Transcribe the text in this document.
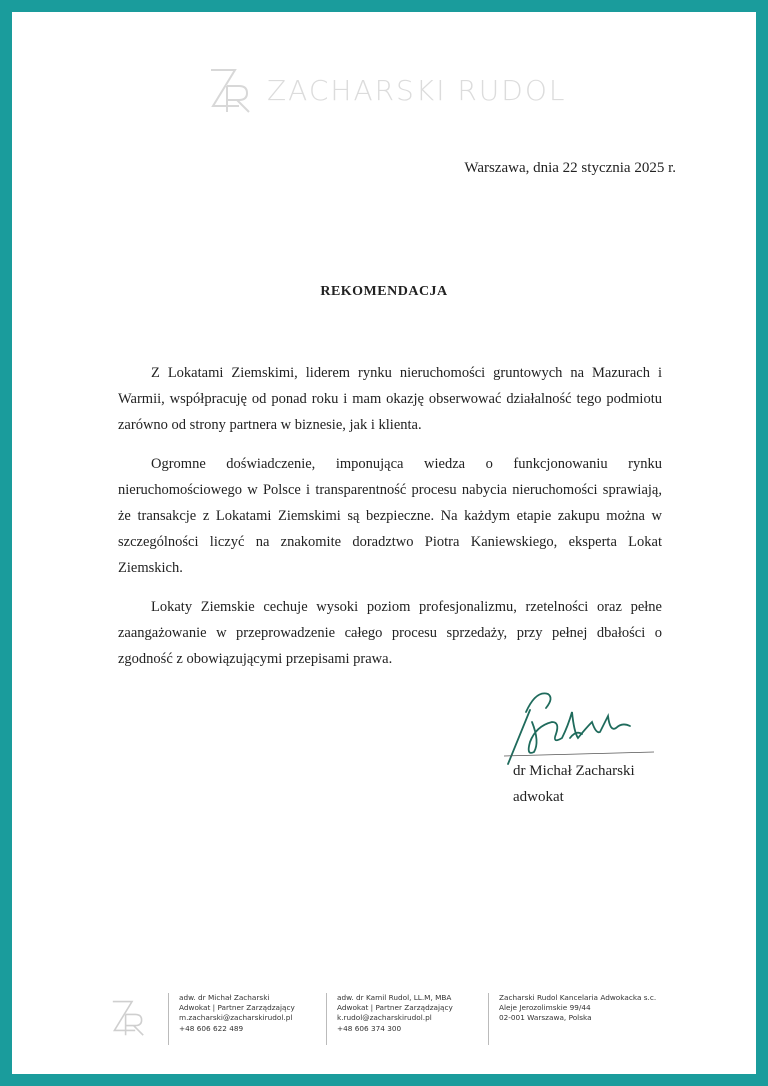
ZACHARSKI RUDOL
Warszawa, dnia 22 stycznia 2025 r.
REKOMENDACJA

Z Lokatami Ziemskimi, liderem rynku nieruchomości gruntowych na Mazurach i Warmii, współpracuję od ponad roku i mam okazję obserwować działalność tego podmiotu zarówno od strony partnera w biznesie, jak i klienta.

Ogromne doświadczenie, imponująca wiedza o funkcjonowaniu rynku nieruchomościowego w Polsce i transparentność procesu nabycia nieruchomości sprawiają, że transakcje z Lokatami Ziemskimi są bezpieczne. Na każdym etapie zakupu można w szczególności liczyć na znakomite doradztwo Piotra Kaniewskiego, eksperta Lokat Ziemskich.

Lokaty Ziemskie cechuje wysoki poziom profesjonalizmu, rzetelności oraz pełne zaangażowanie w przeprowadzenie całego procesu sprzedaży, przy pełnej dbałości o zgodność z obowiązującymi przepisami prawa.

dr Michał Zacharski
adwokat
adw. dr Michał Zacharski
Adwokat | Partner Zarządzający
m.zacharski@zacharskirudol.pl
+48 606 622 489
adw. dr Kamil Rudol, LL.M, MBA
Adwokat | Partner Zarządzający
k.rudol@zacharskirudol.pl
+48 606 374 300
Zacharski Rudol Kancelaria Adwokacka s.c.
Aleje Jerozolimskie 99/44
02-001 Warszawa, Polska
